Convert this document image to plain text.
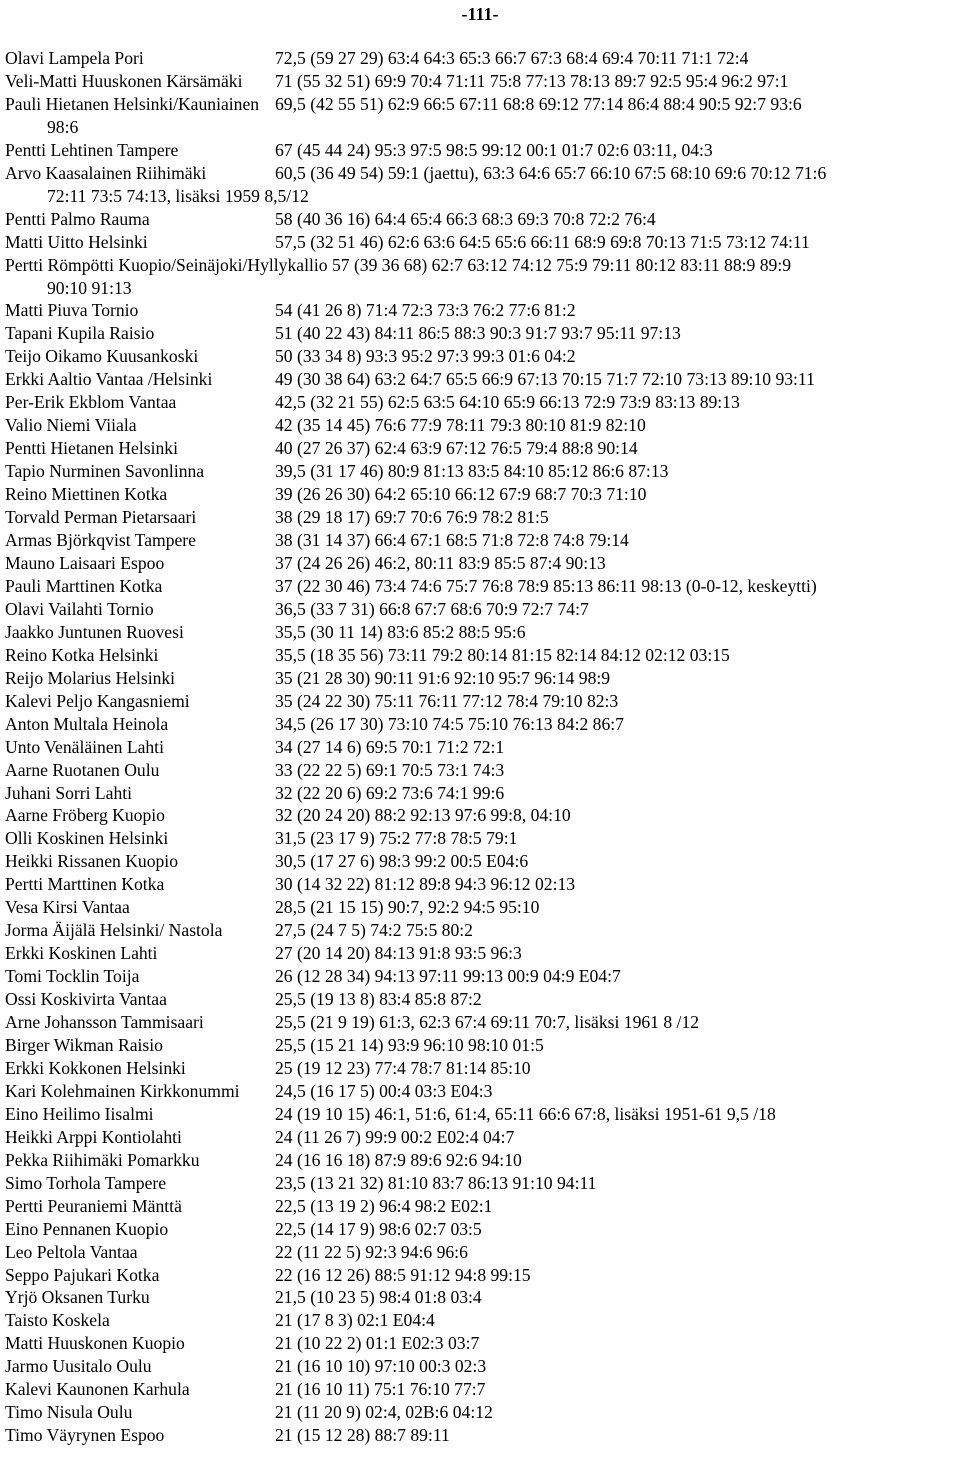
-111-
Olavi Lampela Pori	72,5 (59 27 29) 63:4 64:3 65:3 66:7 67:3 68:4 69:4 70:11 71:1 72:4
Veli-Matti Huuskonen Kärsämäki 71 (55 32 51) 69:9 70:4 71:11 75:8 77:13 78:13 89:7 92:5 95:4 96:2 97:1
Pauli Hietanen Helsinki/Kauniainen 69,5 (42 55 51) 62:9 66:5 67:11 68:8 69:12 77:14 86:4 88:4 90:5 92:7 93:6
98:6
Pentti Lehtinen Tampere	67 (45 44 24) 95:3 97:5 98:5 99:12 00:1 01:7 02:6 03:11, 04:3
Arvo Kaasalainen Riihimäki	60,5 (36 49 54) 59:1 (jaettu), 63:3 64:6 65:7 66:10 67:5 68:10 69:6 70:12 71:6
72:11 73:5 74:13, lisäksi 1959 8,5/12
Pentti Palmo Rauma	58 (40 36 16) 64:4 65:4 66:3 68:3 69:3 70:8 72:2 76:4
Matti Uitto Helsinki	57,5 (32 51 46) 62:6 63:6 64:5 65:6 66:11 68:9 69:8 70:13 71:5 73:12 74:11
Pertti Römpötti Kuopio/Seinäjoki/Hyllykallio 57 (39 36 68) 62:7 63:12 74:12 75:9 79:11 80:12 83:11 88:9 89:9
90:10 91:13
Matti Piuva Tornio	54 (41 26 8) 71:4 72:3 73:3 76:2 77:6 81:2
Tapani Kupila Raisio	51 (40 22 43) 84:11 86:5 88:3 90:3 91:7 93:7 95:11 97:13
Teijo Oikamo Kuusankoski	50 (33 34 8) 93:3 95:2 97:3 99:3 01:6 04:2
Erkki Aaltio Vantaa /Helsinki	49 (30 38 64) 63:2 64:7 65:5 66:9 67:13 70:15 71:7 72:10 73:13 89:10 93:11
Per-Erik Ekblom Vantaa	42,5 (32 21 55) 62:5 63:5 64:10 65:9 66:13 72:9 73:9 83:13 89:13
Valio Niemi Viiala	42 (35 14 45) 76:6 77:9 78:11 79:3 80:10 81:9 82:10
Pentti Hietanen Helsinki	40 (27 26 37) 62:4 63:9 67:12 76:5 79:4 88:8 90:14
Tapio Nurminen Savonlinna	39,5 (31 17 46) 80:9 81:13 83:5 84:10 85:12 86:6 87:13
Reino Miettinen Kotka	39 (26 26 30) 64:2 65:10 66:12 67:9 68:7 70:3 71:10
Torvald Perman Pietarsaari	38 (29 18 17) 69:7 70:6 76:9 78:2 81:5
Armas Björkqvist Tampere	38 (31 14 37) 66:4 67:1 68:5 71:8 72:8 74:8 79:14
Mauno Laisaari Espoo	37 (24 26 26) 46:2, 80:11 83:9 85:5 87:4 90:13
Pauli Marttinen Kotka	37 (22 30 46) 73:4 74:6 75:7 76:8 78:9 85:13 86:11 98:13 (0-0-12, keskeytti)
Olavi Vailahti Tornio	36,5 (33 7 31) 66:8 67:7 68:6 70:9 72:7 74:7
Jaakko Juntunen Ruovesi	35,5 (30 11 14) 83:6 85:2 88:5 95:6
Reino Kotka Helsinki	35,5 (18 35 56) 73:11 79:2 80:14 81:15 82:14 84:12 02:12 03:15
Reijo Molarius Helsinki	35 (21 28 30) 90:11 91:6 92:10 95:7 96:14 98:9
Kalevi Peljo Kangasniemi	35 (24 22 30) 75:11 76:11 77:12 78:4 79:10 82:3
Anton Multala Heinola	34,5 (26 17 30) 73:10 74:5 75:10 76:13 84:2 86:7
Unto Venäläinen Lahti	34 (27 14 6) 69:5 70:1 71:2 72:1
Aarne Ruotanen Oulu	33 (22 22 5) 69:1 70:5 73:1 74:3
Juhani Sorri Lahti	32 (22 20 6) 69:2 73:6 74:1 99:6
Aarne Fröberg Kuopio	32 (20 24 20) 88:2 92:13 97:6 99:8, 04:10
Olli Koskinen Helsinki	31,5 (23 17 9) 75:2 77:8 78:5 79:1
Heikki Rissanen Kuopio	30,5 (17 27 6) 98:3 99:2 00:5 E04:6
Pertti Marttinen Kotka	30 (14 32 22) 81:12 89:8 94:3 96:12 02:13
Vesa Kirsi Vantaa	28,5 (21 15 15) 90:7, 92:2 94:5 95:10
Jorma Äijälä Helsinki/ Nastola	27,5 (24 7 5) 74:2 75:5 80:2
Erkki Koskinen Lahti	27 (20 14 20) 84:13 91:8 93:5 96:3
Tomi Tocklin Toija	26 (12 28 34) 94:13 97:11 99:13 00:9 04:9 E04:7
Ossi Koskivirta Vantaa	25,5 (19 13 8) 83:4 85:8 87:2
Arne Johansson Tammisaari	25,5 (21 9 19) 61:3, 62:3 67:4 69:11 70:7, lisäksi 1961 8 /12
Birger Wikman Raisio	25,5 (15 21 14) 93:9 96:10 98:10 01:5
Erkki Kokkonen Helsinki	25 (19 12 23) 77:4 78:7 81:14 85:10
Kari Kolehmainen Kirkkonummi 24,5 (16 17 5) 00:4 03:3 E04:3
Eino Heilimo Iisalmi	24 (19 10 15) 46:1, 51:6, 61:4, 65:11 66:6 67:8, lisäksi 1951-61 9,5 /18
Heikki Arppi Kontiolahti	24 (11 26 7) 99:9 00:2 E02:4 04:7
Pekka Riihimäki Pomarkku	24 (16 16 18) 87:9 89:6 92:6 94:10
Simo Torhola Tampere	23,5 (13 21 32) 81:10 83:7 86:13 91:10 94:11
Pertti Peuraniemi Mänttä	22,5 (13 19 2) 96:4 98:2 E02:1
Eino Pennanen Kuopio	22,5 (14 17 9) 98:6 02:7 03:5
Leo Peltola Vantaa	22 (11 22 5) 92:3 94:6 96:6
Seppo Pajukari Kotka	22 (16 12 26) 88:5 91:12 94:8 99:15
Yrjö Oksanen Turku	21,5 (10 23 5) 98:4 01:8 03:4
Taisto Koskela	21 (17 8 3) 02:1 E04:4
Matti Huuskonen Kuopio	21 (10 22 2) 01:1 E02:3 03:7
Jarmo Uusitalo Oulu	21 (16 10 10) 97:10 00:3 02:3
Kalevi Kaunonen Karhula	21 (16 10 11) 75:1 76:10 77:7
Timo Nisula Oulu	21 (11 20 9) 02:4, 02B:6 04:12
Timo Väyrynen Espoo	21 (15 12 28) 88:7 89:11
